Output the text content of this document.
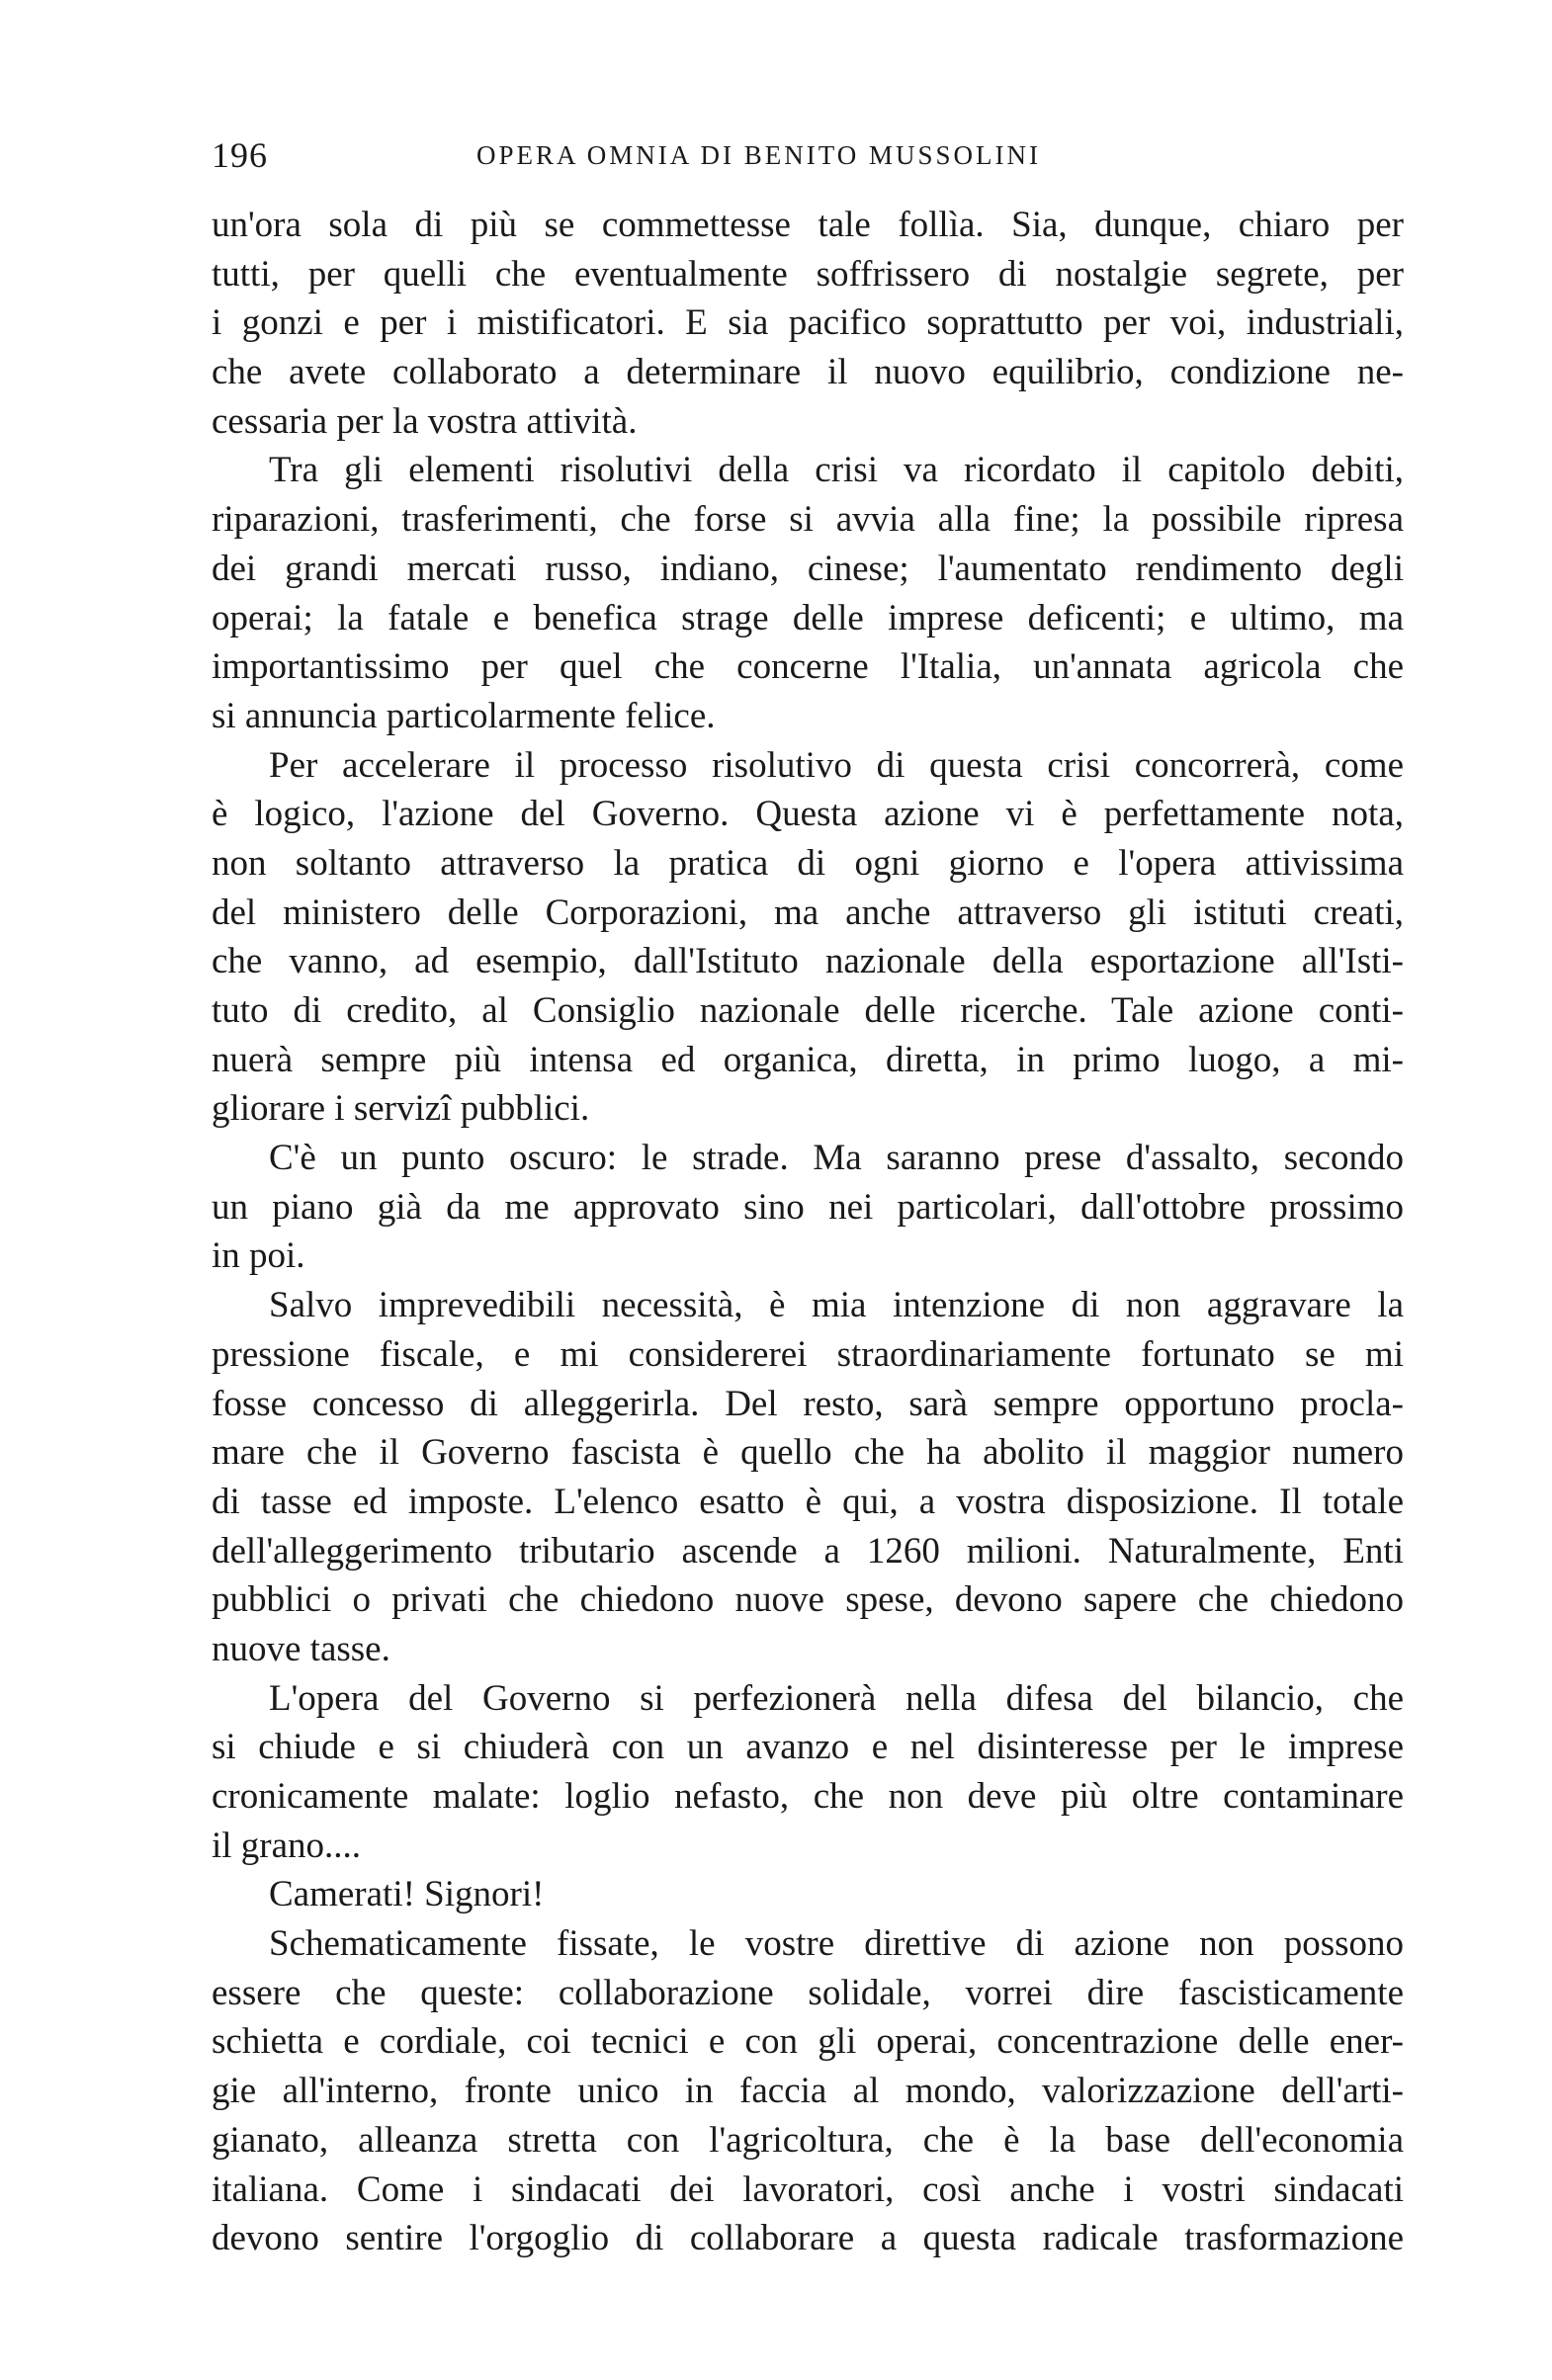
196	OPERA OMNIA DI BENITO MUSSOLINI
un'ora sola di più se commettesse tale follìa. Sia, dunque, chiaro per
tutti, per quelli che eventualmente soffrissero di nostalgie segrete, per
i gonzi e per i mistificatori. E sia pacifico soprattutto per voi, industriali,
che avete collaborato a determinare il nuovo equilibrio, condizione ne-
cessaria per la vostra attività.
Tra gli elementi risolutivi della crisi va ricordato il capitolo debiti,
riparazioni, trasferimenti, che forse si avvia alla fine; la possibile ripresa
dei grandi mercati russo, indiano, cinese; l'aumentato rendimento degli
operai; la fatale e benefica strage delle imprese deficenti; e ultimo, ma
importantissimo per quel che concerne l'Italia, un'annata agricola che
si annuncia particolarmente felice.
Per accelerare il processo risolutivo di questa crisi concorrerà, come
è logico, l'azione del Governo. Questa azione vi è perfettamente nota,
non soltanto attraverso la pratica di ogni giorno e l'opera attivissima
del ministero delle Corporazioni, ma anche attraverso gli istituti creati,
che vanno, ad esempio, dall'Istituto nazionale della esportazione all'Isti-
tuto di credito, al Consiglio nazionale delle ricerche. Tale azione conti-
nuerà sempre più intensa ed organica, diretta, in primo luogo, a mi-
gliorare i servizî pubblici.
C'è un punto oscuro: le strade. Ma saranno prese d'assalto, secondo
un piano già da me approvato sino nei particolari, dall'ottobre prossimo
in poi.
Salvo imprevedibili necessità, è mia intenzione di non aggravare la
pressione fiscale, e mi considererei straordinariamente fortunato se mi
fosse concesso di alleggerirla. Del resto, sarà sempre opportuno procla-
mare che il Governo fascista è quello che ha abolito il maggior numero
di tasse ed imposte. L'elenco esatto è qui, a vostra disposizione. Il totale
dell'alleggerimento tributario ascende a 1260 milioni. Naturalmente, Enti
pubblici o privati che chiedono nuove spese, devono sapere che chiedono
nuove tasse.
L'opera del Governo si perfezionerà nella difesa del bilancio, che
si chiude e si chiuderà con un avanzo e nel disinteresse per le imprese
cronicamente malate: loglio nefasto, che non deve più oltre contaminare
il grano....
Camerati! Signori!
Schematicamente fissate, le vostre direttive di azione non possono
essere che queste: collaborazione solidale, vorrei dire fascisticamente
schietta e cordiale, coi tecnici e con gli operai, concentrazione delle ener-
gie all'interno, fronte unico in faccia al mondo, valorizzazione dell'arti-
gianato, alleanza stretta con l'agricoltura, che è la base dell'economia
italiana. Come i sindacati dei lavoratori, così anche i vostri sindacati
devono sentire l'orgoglio di collaborare a questa radicale trasformazione
